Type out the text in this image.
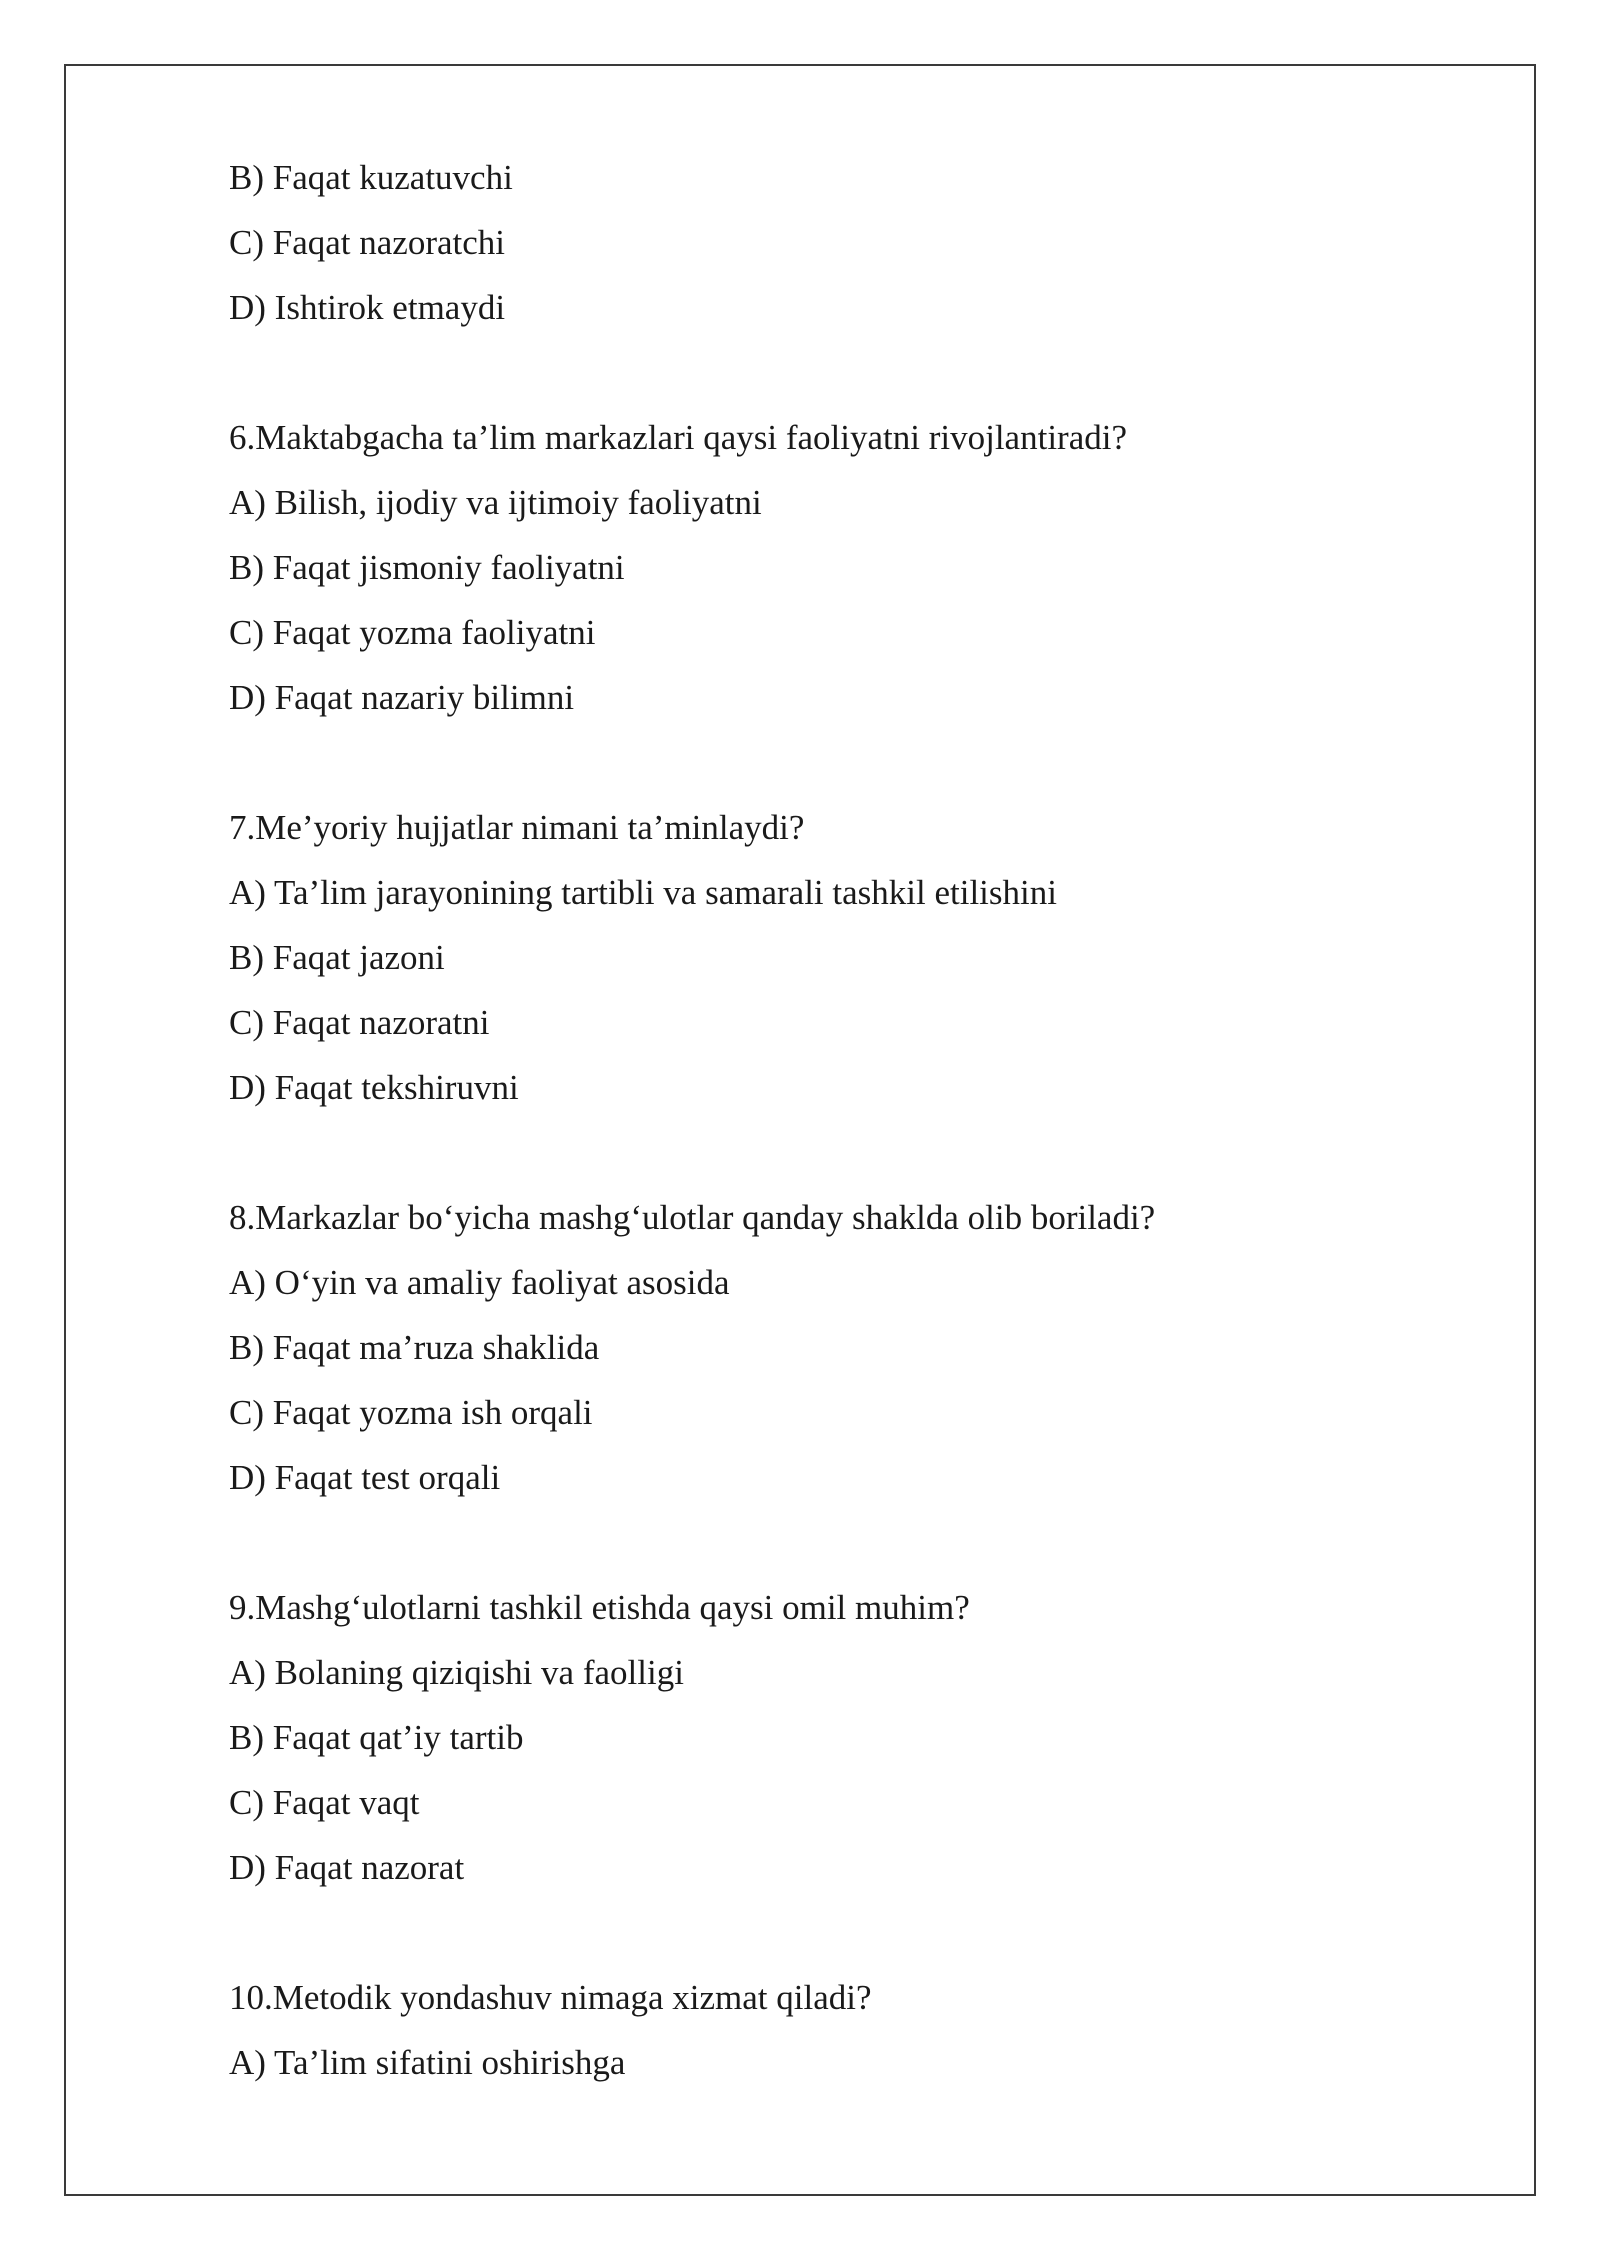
B) Faqat kuzatuvchi
C) Faqat nazoratchi
D) Ishtirok etmaydi
6.Maktabgacha ta’lim markazlari qaysi faoliyatni rivojlantiradi?
A) Bilish, ijodiy va ijtimoiy faoliyatni
B) Faqat jismoniy faoliyatni
C) Faqat yozma faoliyatni
D) Faqat nazariy bilimni
7.Me’yoriy hujjatlar nimani ta’minlaydi?
A) Ta’lim jarayonining tartibli va samarali tashkil etilishini
B) Faqat jazoni
C) Faqat nazoratni
D) Faqat tekshiruvni
8.Markazlar bo‘yicha mashg‘ulotlar qanday shaklda olib boriladi?
A) O‘yin va amaliy faoliyat asosida
B) Faqat ma’ruza shaklida
C) Faqat yozma ish orqali
D) Faqat test orqali
9.Mashg‘ulotlarni tashkil etishda qaysi omil muhim?
A) Bolaning qiziqishi va faolligi
B) Faqat qat’iy tartib
C) Faqat vaqt
D) Faqat nazorat
10.Metodik yondashuv nimaga xizmat qiladi?
A) Ta’lim sifatini oshirishga
